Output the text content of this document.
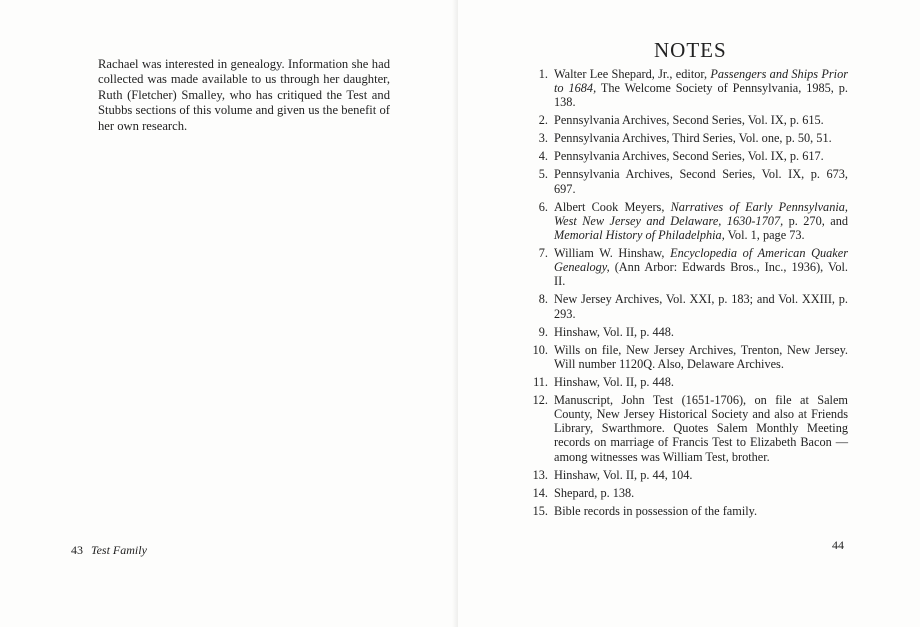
Rachael was interested in genealogy. Information she had collected was made available to us through her daughter, Ruth (Fletcher) Smalley, who has critiqued the Test and Stubbs sections of this volume and given us the benefit of her own research.

43 Test Family
NOTES
1. Walter Lee Shepard, Jr., editor, Passengers and Ships Prior to 1684, The Welcome Society of Pennsylvania, 1985, p. 138.
2. Pennsylvania Archives, Second Series, Vol. IX, p. 615.
3. Pennsylvania Archives, Third Series, Vol. one, p. 50, 51.
4. Pennsylvania Archives, Second Series, Vol. IX, p. 617.
5. Pennsylvania Archives, Second Series, Vol. IX, p. 673, 697.
6. Albert Cook Meyers, Narratives of Early Pennsylvania, West New Jersey and Delaware, 1630-1707, p. 270, and Memorial History of Philadelphia, Vol. 1, page 73.
7. William W. Hinshaw, Encyclopedia of American Quaker Genealogy, (Ann Arbor: Edwards Bros., Inc., 1936), Vol. II.
8. New Jersey Archives, Vol. XXI, p. 183; and Vol. XXIII, p. 293.
9. Hinshaw, Vol. II, p. 448.
10. Wills on file, New Jersey Archives, Trenton, New Jersey. Will number 1120Q. Also, Delaware Archives.
11. Hinshaw, Vol. II, p. 448.
12. Manuscript, John Test (1651-1706), on file at Salem County, New Jersey Historical Society and also at Friends Library, Swarthmore. Quotes Salem Monthly Meeting records on marriage of Francis Test to Elizabeth Bacon — among witnesses was William Test, brother.
13. Hinshaw, Vol. II, p. 44, 104.
14. Shepard, p. 138.
15. Bible records in possession of the family.
44
